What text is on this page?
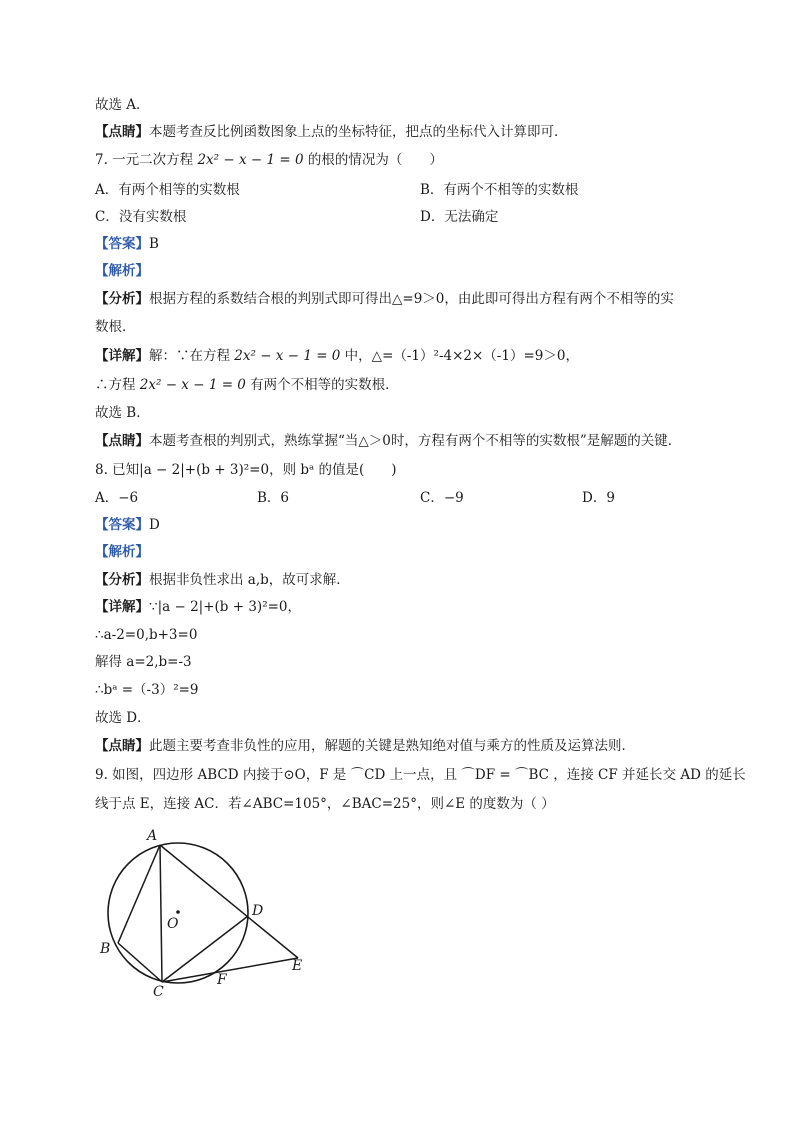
故选 A．
【点睛】本题考查反比例函数图象上点的坐标特征，把点的坐标代入计算即可．
7. 一元二次方程 2x² − x − 1 = 0 的根的情况为（　　）
A．有两个相等的实数根	B．有两个不相等的实数根
C．没有实数根	D．无法确定
【答案】B
【解析】
【分析】根据方程的系数结合根的判别式即可得出△=9＞0，由此即可得出方程有两个不相等的实
数根．
【详解】解：∵在方程 2x² − x − 1 = 0 中，△=（-1）²-4×2×（-1）=9＞0，
∴方程 2x² − x − 1 = 0 有两个不相等的实数根．
故选 B．
【点睛】本题考查根的判别式，熟练掌握“当△＞0时，方程有两个不相等的实数根”是解题的关键．
8. 已知|a − 2|+(b + 3)²=0，则 bᵃ 的值是(　　)
A．−6	B．6	C．−9	D．9
【答案】D
【解析】
【分析】根据非负性求出 a,b，故可求解．
【详解】∵|a − 2|+(b + 3)²=0，
∴a-2=0,b+3=0
解得 a=2,b=-3
∴bᵃ =（-3）²=9
故选 D．
【点睛】此题主要考查非负性的应用，解题的关键是熟知绝对值与乘方的性质及运算法则．
9. 如图，四边形 ABCD 内接于⊙O，F 是 ⌒CD 上一点，且 ⌒DF = ⌒BC ，连接 CF 并延长交 AD 的延长
线于点 E，连接 AC．若∠ABC=105°，∠BAC=25°，则∠E 的度数为（ ）
A
B
C
D
E
F
O
